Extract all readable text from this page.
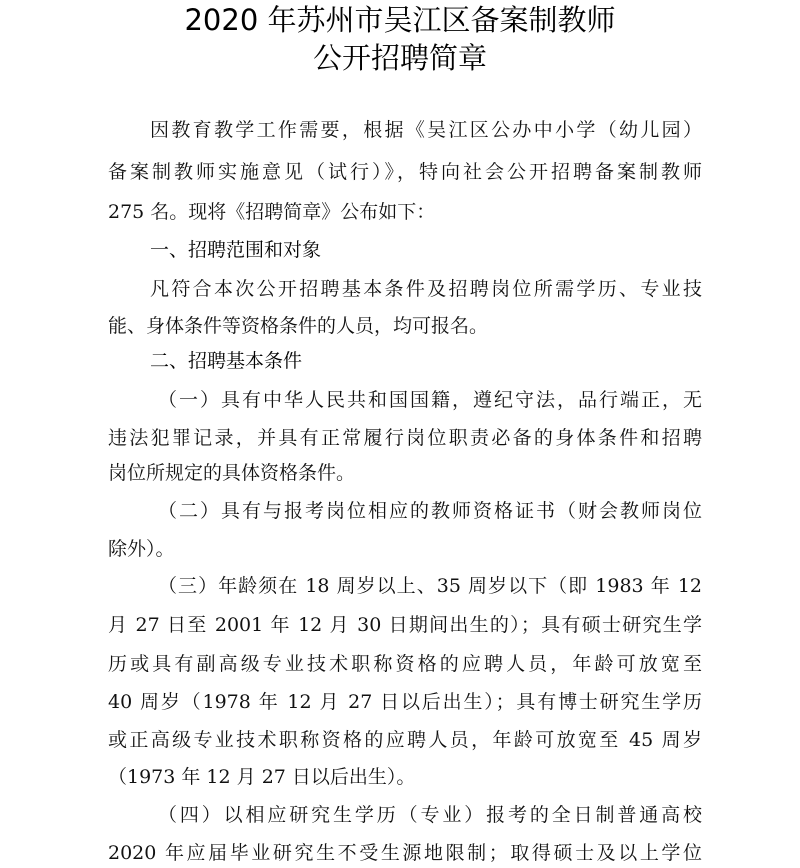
2020 年苏州市吴江区备案制教师
公开招聘简章
因教育教学工作需要，根据《吴江区公办中小学（幼儿园）
备案制教师实施意见（试行）》，特向社会公开招聘备案制教师
275 名。现将《招聘简章》公布如下：
一、招聘范围和对象
凡符合本次公开招聘基本条件及招聘岗位所需学历、专业技
能、身体条件等资格条件的人员，均可报名。
二、招聘基本条件
（一）具有中华人民共和国国籍，遵纪守法，品行端正，无
违法犯罪记录，并具有正常履行岗位职责必备的身体条件和招聘
岗位所规定的具体资格条件。
（二）具有与报考岗位相应的教师资格证书（财会教师岗位
除外）。
（三）年龄须在 18 周岁以上、35 周岁以下（即 1983 年 12
月 27 日至 2001 年 12 月 30 日期间出生的）；具有硕士研究生学
历或具有副高级专业技术职称资格的应聘人员，年龄可放宽至
40 周岁（1978 年 12 月 27 日以后出生）；具有博士研究生学历
或正高级专业技术职称资格的应聘人员，年龄可放宽至 45 周岁
（1973 年 12 月 27 日以后出生）。
（四）以相应研究生学历（专业）报考的全日制普通高校
2020 年应届毕业研究生不受生源地限制；取得硕士及以上学位
